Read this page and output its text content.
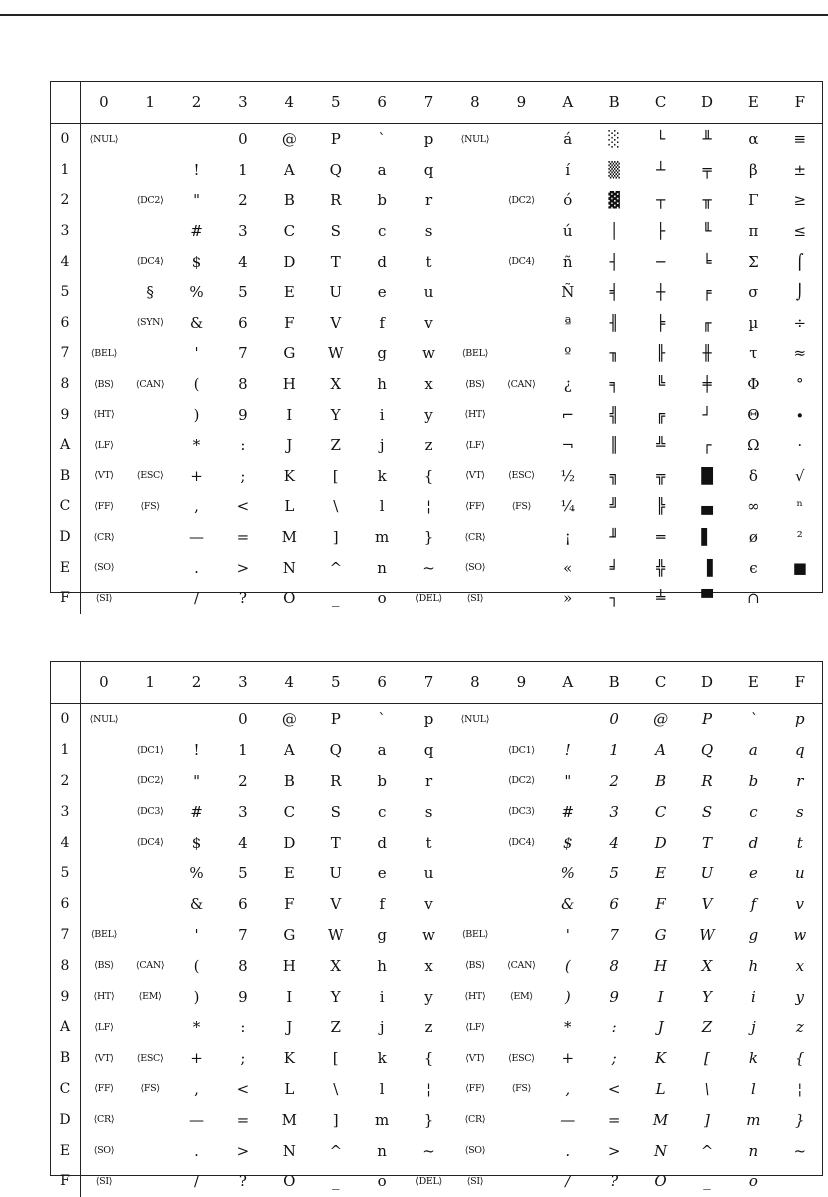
	0	1	2	3	4	5	6	7	8	9	A	B	C	D	E	F
0	⟨NUL⟩			0	@	P	`	p	⟨NUL⟩		á	░	└	╨	α	≡
1			!	1	A	Q	a	q			í	▒	┴	╤	β	±
2		⟨DC2⟩	"	2	B	R	b	r		⟨DC2⟩	ó	▓	┬	╥	Γ	≥
3			#	3	C	S	c	s			ú	│	├	╙	π	≤
4		⟨DC4⟩	$	4	D	T	d	t		⟨DC4⟩	ñ	┤	─	╘	Σ	⌠
5		§	%	5	E	U	e	u			Ñ	╡	┼	╒	σ	⌡
6		⟨SYN⟩	&	6	F	V	f	v			ª	╢	╞	╓	µ	÷
7	⟨BEL⟩		'	7	G	W	g	w	⟨BEL⟩		º	╖	╟	╫	τ	≈
8	⟨BS⟩	⟨CAN⟩	(	8	H	X	h	x	⟨BS⟩	⟨CAN⟩	¿	╕	╚	╪	Φ	°
9	⟨HT⟩		)	9	I	Y	i	y	⟨HT⟩		⌐	╣	╔	┘	Θ	∙
A	⟨LF⟩		*	:	J	Z	j	z	⟨LF⟩		¬	║	╩	┌	Ω	·
B	⟨VT⟩	⟨ESC⟩	+	;	K	[	k	{	⟨VT⟩	⟨ESC⟩	½	╗	╦	█	δ	√
C	⟨FF⟩	⟨FS⟩	,	<	L	\	l	¦	⟨FF⟩	⟨FS⟩	¼	╝	╠	▄	∞	ⁿ
D	⟨CR⟩		—	=	M	]	m	}	⟨CR⟩		¡	╜	═	▌	ø	²
E	⟨SO⟩		.	>	N	^	n	~	⟨SO⟩		«	╛	╬	▐	є	■
F	⟨SI⟩		/	?	O	_	o	⟨DEL⟩	⟨SI⟩		»	┐	╧	▀	∩	
	0	1	2	3	4	5	6	7	8	9	A	B	C	D	E	F
0	⟨NUL⟩			0	@	P	`	p	⟨NUL⟩			0	@	P	`	p
1		⟨DC1⟩	!	1	A	Q	a	q		⟨DC1⟩	!	1	A	Q	a	q
2		⟨DC2⟩	"	2	B	R	b	r		⟨DC2⟩	"	2	B	R	b	r
3		⟨DC3⟩	#	3	C	S	c	s		⟨DC3⟩	#	3	C	S	c	s
4		⟨DC4⟩	$	4	D	T	d	t		⟨DC4⟩	$	4	D	T	d	t
5			%	5	E	U	e	u			%	5	E	U	e	u
6			&	6	F	V	f	v			&	6	F	V	f	v
7	⟨BEL⟩		'	7	G	W	g	w	⟨BEL⟩		'	7	G	W	g	w
8	⟨BS⟩	⟨CAN⟩	(	8	H	X	h	x	⟨BS⟩	⟨CAN⟩	(	8	H	X	h	x
9	⟨HT⟩	⟨EM⟩	)	9	I	Y	i	y	⟨HT⟩	⟨EM⟩	)	9	I	Y	i	y
A	⟨LF⟩		*	:	J	Z	j	z	⟨LF⟩		*	:	J	Z	j	z
B	⟨VT⟩	⟨ESC⟩	+	;	K	[	k	{	⟨VT⟩	⟨ESC⟩	+	;	K	[	k	{
C	⟨FF⟩	⟨FS⟩	,	<	L	\	l	¦	⟨FF⟩	⟨FS⟩	,	<	L	\	l	¦
D	⟨CR⟩		—	=	M	]	m	}	⟨CR⟩		—	=	M	]	m	}
E	⟨SO⟩		.	>	N	^	n	~	⟨SO⟩		.	>	N	^	n	~
F	⟨SI⟩		/	?	O	_	o	⟨DEL⟩	⟨SI⟩		/	?	O	_	o	
